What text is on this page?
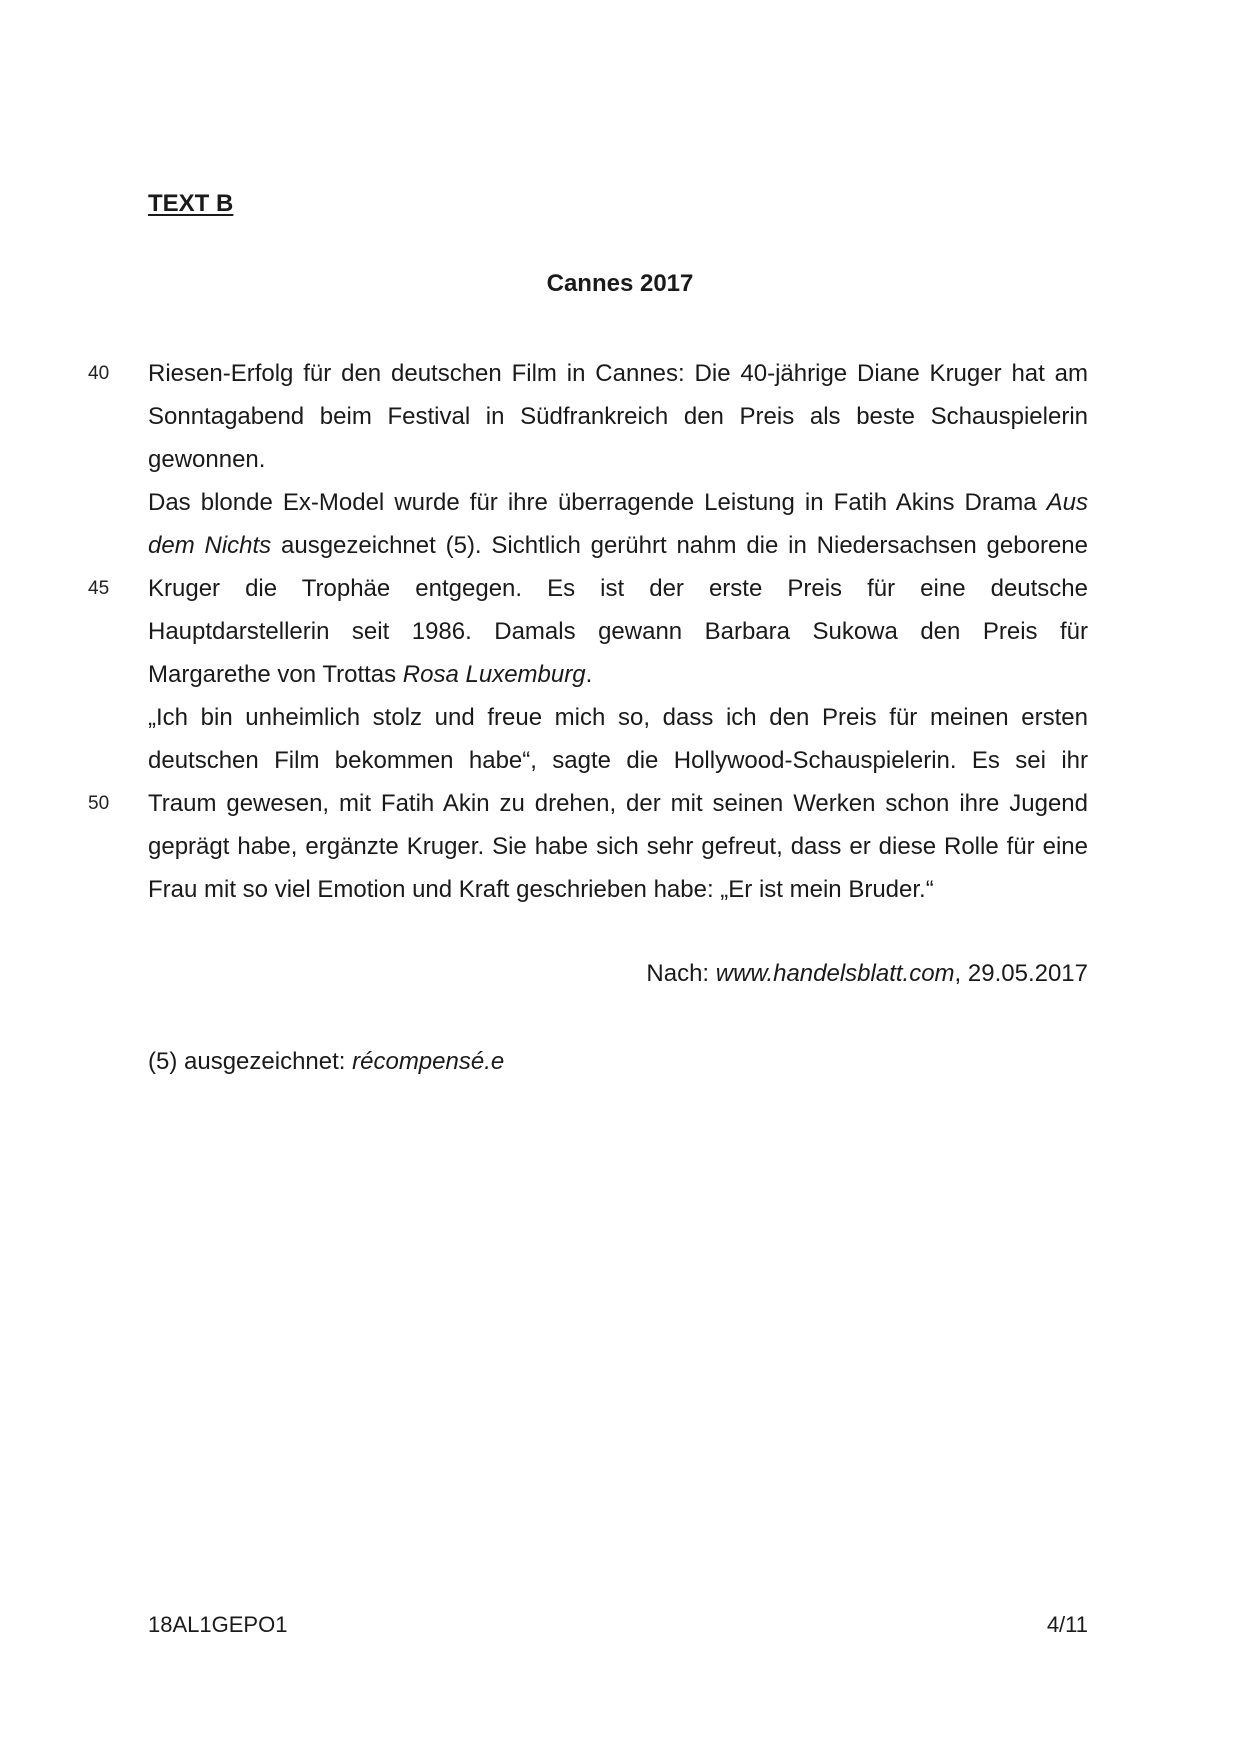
TEXT B

Cannes 2017
40	Riesen-Erfolg für den deutschen Film in Cannes: Die 40-jährige Diane Kruger hat am
Sonntagabend beim Festival in Südfrankreich den Preis als beste Schauspielerin
gewonnen.
Das blonde Ex-Model wurde für ihre überragende Leistung in Fatih Akins Drama Aus
dem Nichts ausgezeichnet (5). Sichtlich gerührt nahm die in Niedersachsen geborene
45	Kruger die Trophäe entgegen. Es ist der erste Preis für eine deutsche
Hauptdarstellerin seit 1986. Damals gewann Barbara Sukowa den Preis für
Margarethe von Trottas Rosa Luxemburg.
„Ich bin unheimlich stolz und freue mich so, dass ich den Preis für meinen ersten
deutschen Film bekommen habe“, sagte die Hollywood-Schauspielerin. Es sei ihr
50	Traum gewesen, mit Fatih Akin zu drehen, der mit seinen Werken schon ihre Jugend
geprägt habe, ergänzte Kruger. Sie habe sich sehr gefreut, dass er diese Rolle für eine
Frau mit so viel Emotion und Kraft geschrieben habe: „Er ist mein Bruder.“

Nach: www.handelsblatt.com, 29.05.2017

(5) ausgezeichnet: récompensé.e

18AL1GEPO1	4/11
